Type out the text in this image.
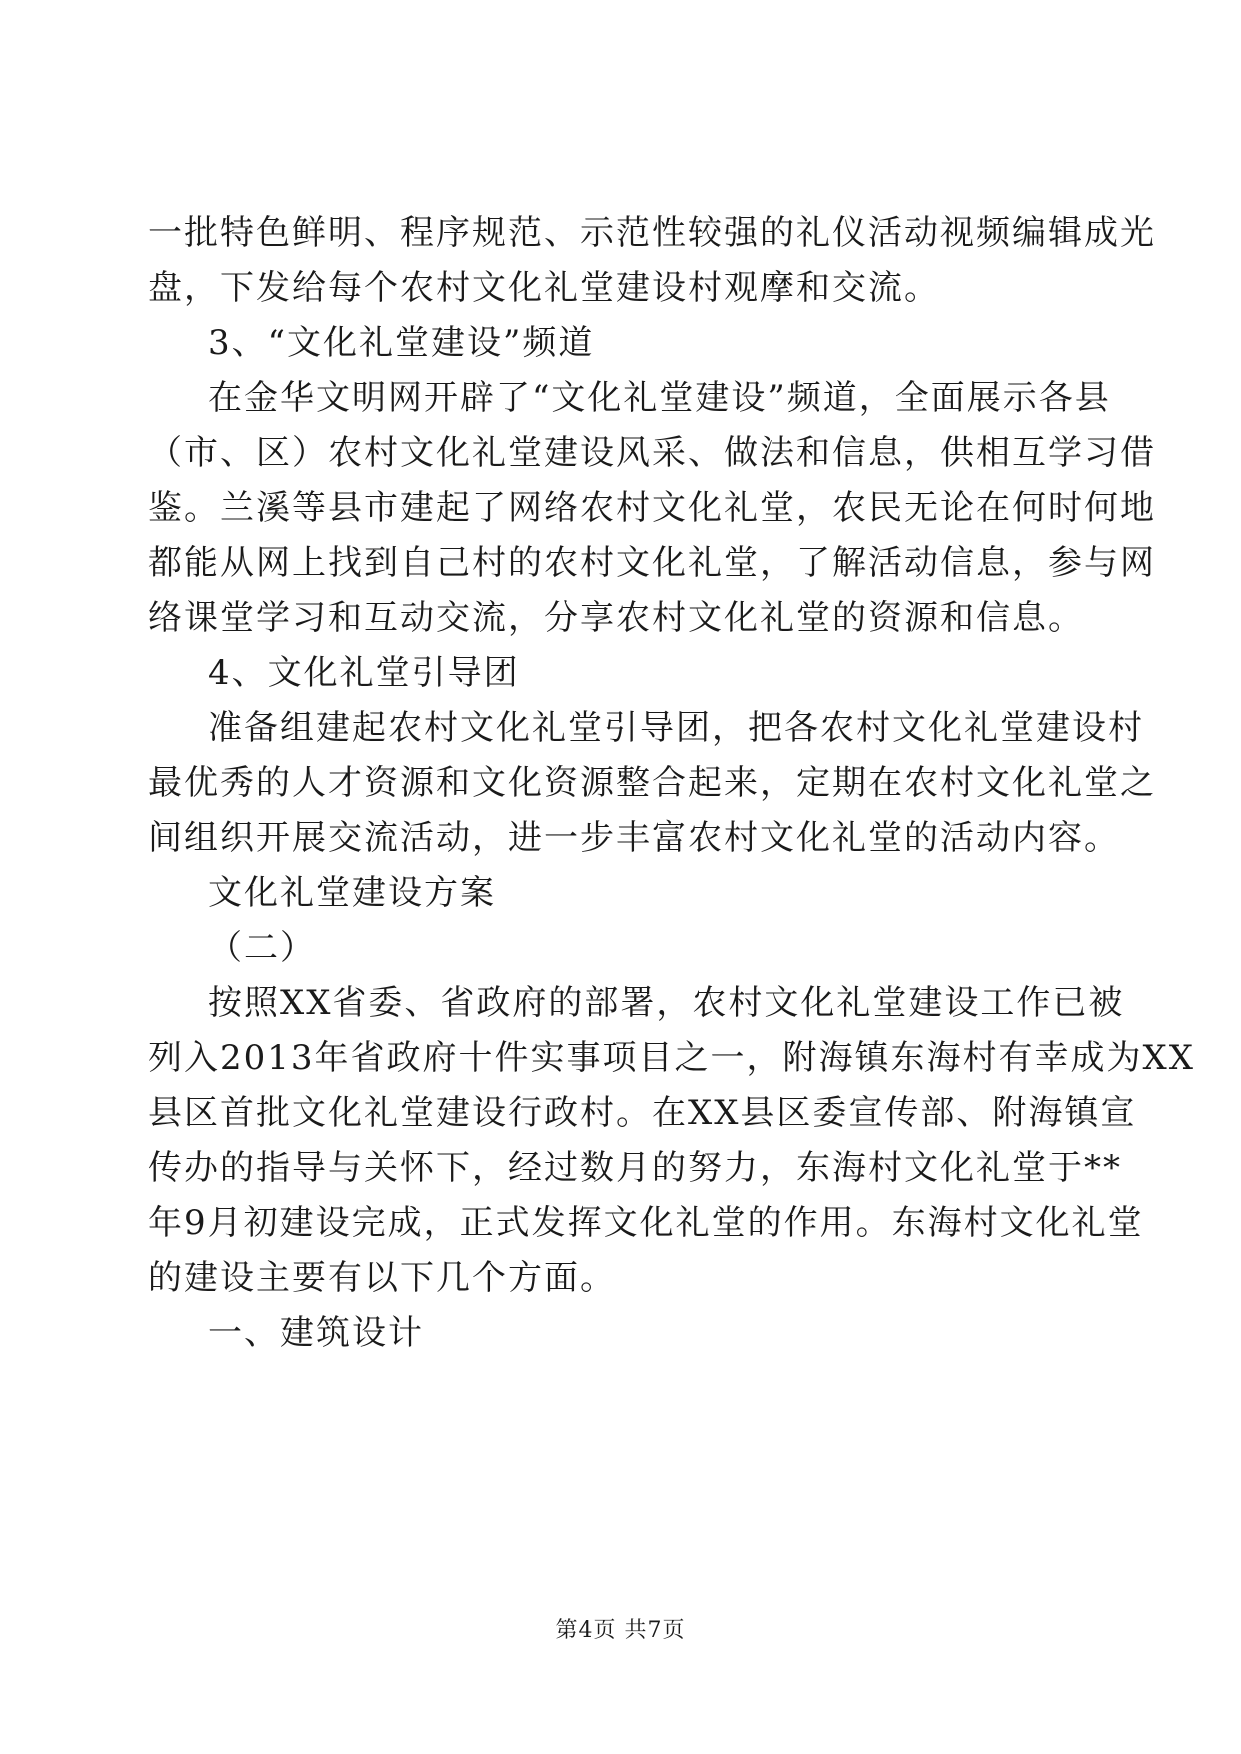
一批特色鲜明、程序规范、示范性较强的礼仪活动视频编辑成光
盘，下发给每个农村文化礼堂建设村观摩和交流。
3、“文化礼堂建设”频道
在金华文明网开辟了“文化礼堂建设”频道，全面展示各县
（市、区）农村文化礼堂建设风采、做法和信息，供相互学习借
鉴。兰溪等县市建起了网络农村文化礼堂，农民无论在何时何地
都能从网上找到自己村的农村文化礼堂，了解活动信息，参与网
络课堂学习和互动交流，分享农村文化礼堂的资源和信息。
4、文化礼堂引导团
准备组建起农村文化礼堂引导团，把各农村文化礼堂建设村
最优秀的人才资源和文化资源整合起来，定期在农村文化礼堂之
间组织开展交流活动，进一步丰富农村文化礼堂的活动内容。
文化礼堂建设方案
（二）
按照XX省委、省政府的部署，农村文化礼堂建设工作已被
列入2013年省政府十件实事项目之一，附海镇东海村有幸成为XX
县区首批文化礼堂建设行政村。在XX县区委宣传部、附海镇宣
传办的指导与关怀下，经过数月的努力，东海村文化礼堂于**
年9月初建设完成，正式发挥文化礼堂的作用。东海村文化礼堂
的建设主要有以下几个方面。
一、建筑设计
第4页 共7页
